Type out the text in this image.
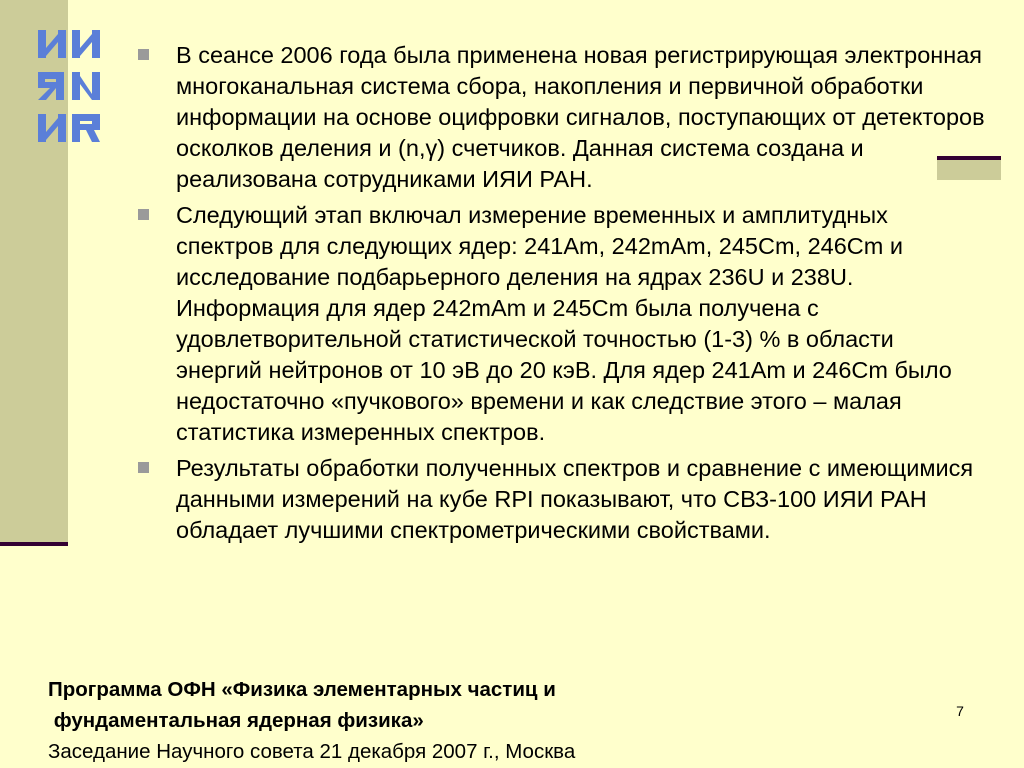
В сеансе 2006 года была применена новая регистрирующая электронная многоканальная система сбора, накопления и первичной обработки информации на основе оцифровки сигналов, поступающих от детекторов осколков деления и (n,γ) счетчиков. Данная система создана и реализована сотрудниками ИЯИ РАН.
Следующий этап включал измерение временных и амплитудных спектров для следующих ядер: 241Am, 242mAm, 245Cm, 246Cm и исследование подбарьерного деления на ядрах 236U и 238U. Информация для ядер 242mAm и 245Cm была получена с удовлетворительной статистической точностью (1-3) % в области энергий нейтронов от 10 эВ до 20 кэВ. Для ядер 241Am и 246Cm было недостаточно «пучкового» времени и как следствие этого – малая статистика измеренных спектров.
Результаты обработки полученных спектров и сравнение с имеющимися данными измерений на кубе RPI показывают, что СВЗ-100 ИЯИ РАН обладает лучшими спектрометрическими свойствами.
Программа ОФН «Физика элементарных частиц и
фундаментальная ядерная физика»
Заседание Научного совета 21 декабря 2007 г., Москва
7
